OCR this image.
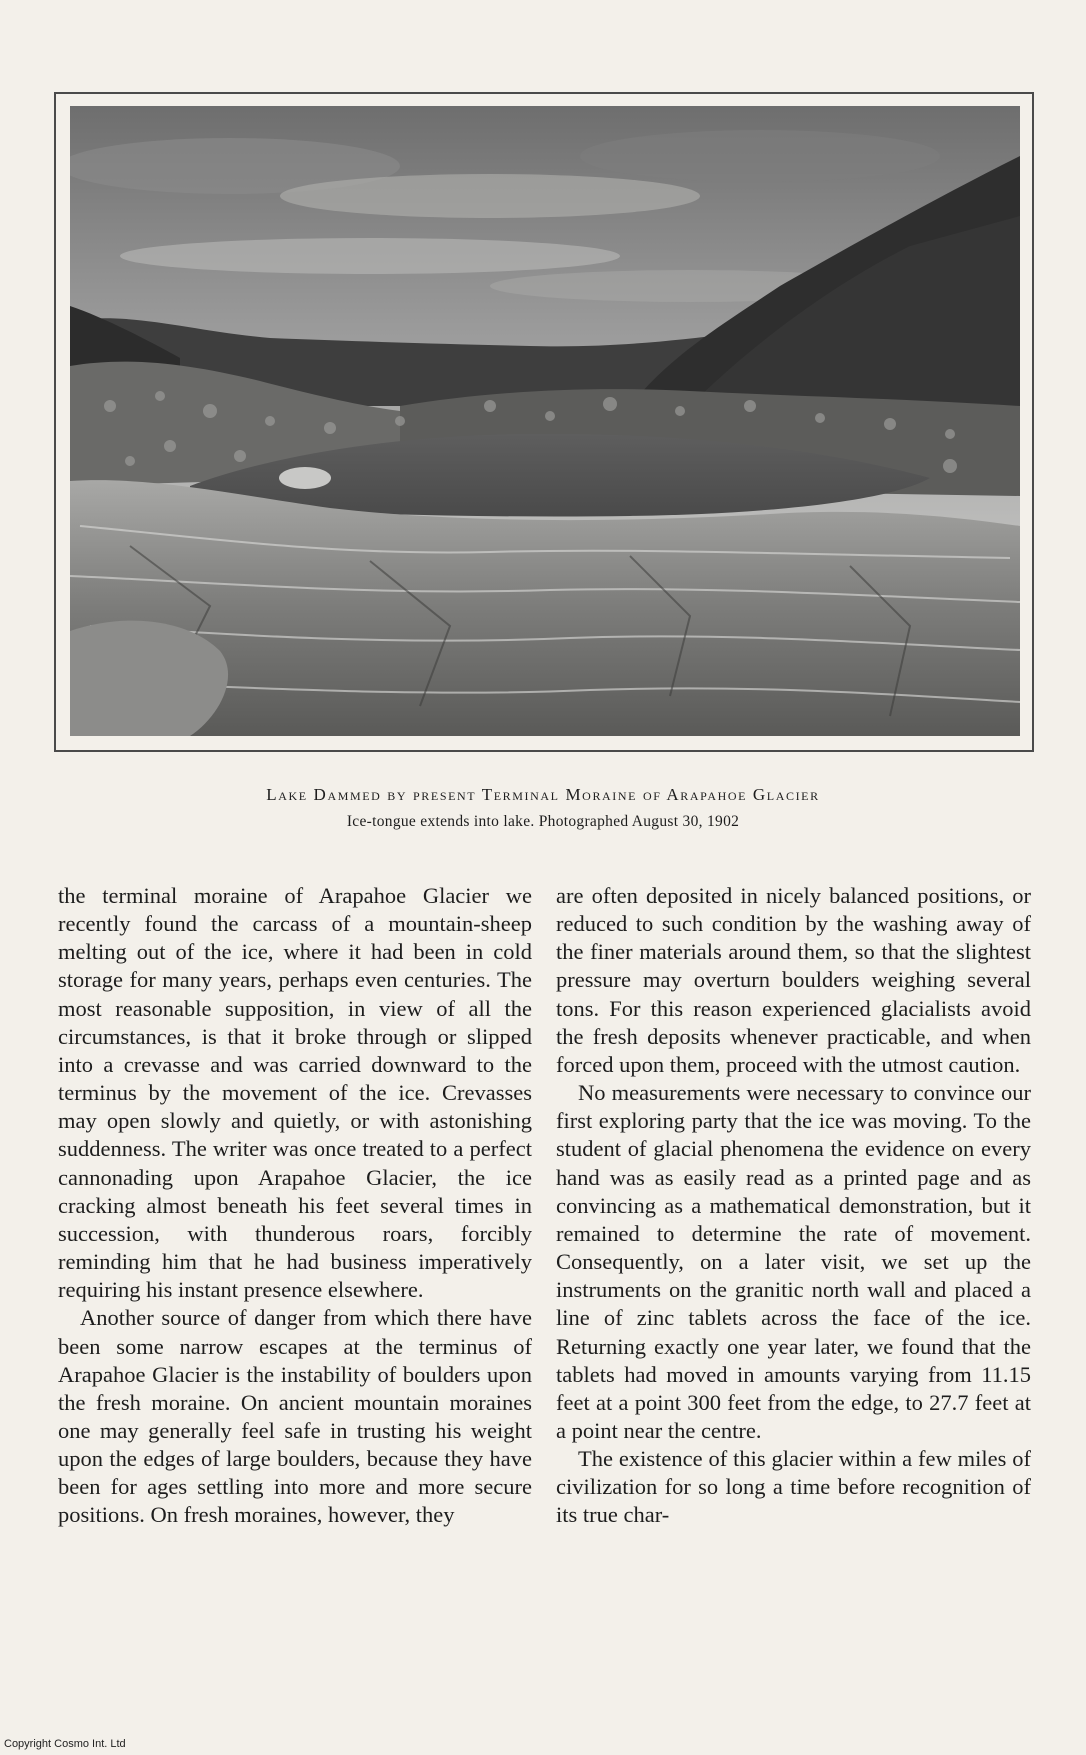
Lake Dammed by present Terminal Moraine of Arapahoe Glacier
Ice-tongue extends into lake. Photographed August 30, 1902

the terminal moraine of Arapahoe Glacier we recently found the carcass of a mountain-sheep melting out of the ice, where it had been in cold storage for many years, perhaps even centuries. The most reasonable supposition, in view of all the circumstances, is that it broke through or slipped into a crevasse and was carried downward to the terminus by the movement of the ice. Crevasses may open slowly and quietly, or with astonishing suddenness. The writer was once treated to a perfect cannonading upon Arapahoe Glacier, the ice cracking almost beneath his feet several times in succession, with thunderous roars, forcibly reminding him that he had business imperatively requiring his instant presence elsewhere.

Another source of danger from which there have been some narrow escapes at the terminus of Arapahoe Glacier is the instability of boulders upon the fresh moraine. On ancient mountain moraines one may generally feel safe in trusting his weight upon the edges of large boulders, because they have been for ages settling into more and more secure positions. On fresh moraines, however, they

are often deposited in nicely balanced positions, or reduced to such condition by the washing away of the finer materials around them, so that the slightest pressure may overturn boulders weighing several tons. For this reason experienced glacialists avoid the fresh deposits whenever practicable, and when forced upon them, proceed with the utmost caution.

No measurements were necessary to convince our first exploring party that the ice was moving. To the student of glacial phenomena the evidence on every hand was as easily read as a printed page and as convincing as a mathematical demonstration, but it remained to determine the rate of movement. Consequently, on a later visit, we set up the instruments on the granitic north wall and placed a line of zinc tablets across the face of the ice. Returning exactly one year later, we found that the tablets had moved in amounts varying from 11.15 feet at a point 300 feet from the edge, to 27.7 feet at a point near the centre.

The existence of this glacier within a few miles of civilization for so long a time before recognition of its true char-

Copyright Cosmo Int. Ltd
